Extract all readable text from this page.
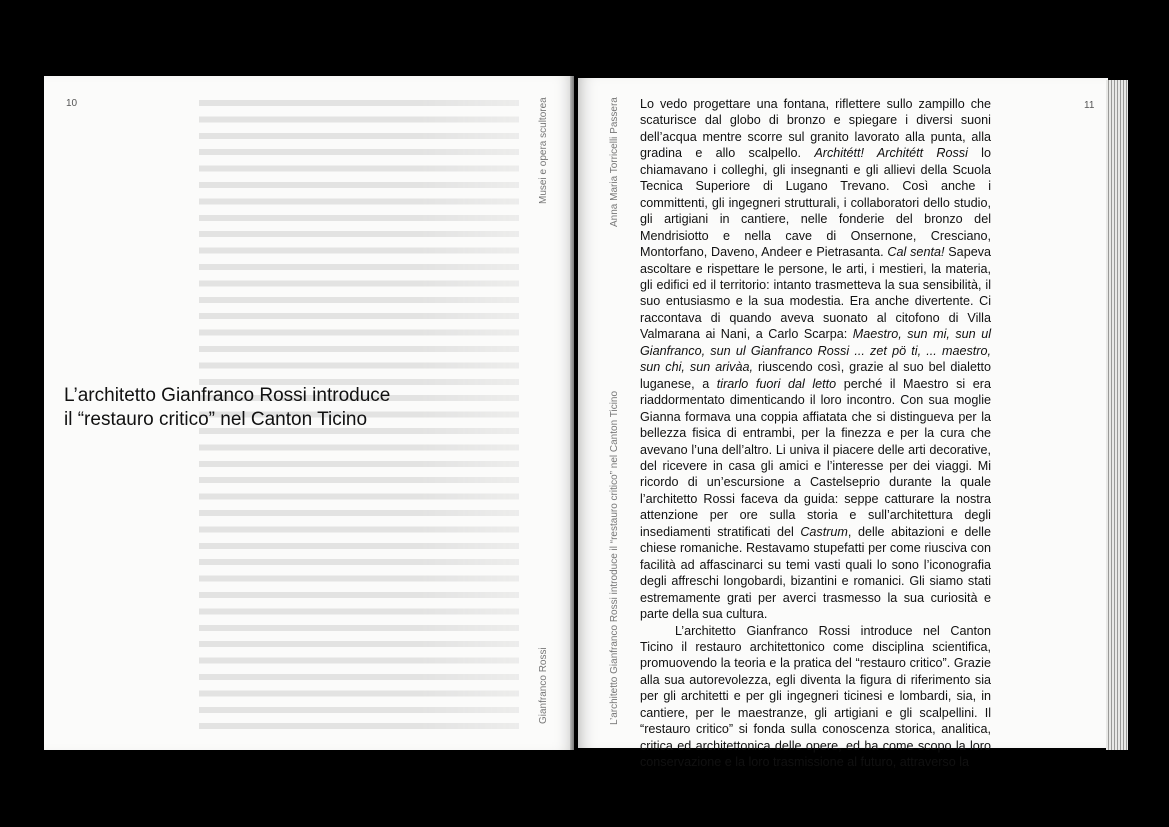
10
L’architetto Gianfranco Rossi introduce
il “restauro critico” nel Canton Ticino
Musei e opera scultorea
Gianfranco Rossi
11
Anna Maria Torricelli Passera
L’architetto Gianfranco Rossi introduce il “restauro critico” nel Canton Ticino

Lo vedo progettare una fontana, riflettere sullo zampillo che scaturisce dal globo di bronzo e spiegare i diversi suoni dell’acqua mentre scorre sul granito lavorato alla punta, alla gradina e allo scalpello. Architétt! Architétt Rossi lo chiamavano i colleghi, gli insegnanti e gli allievi della Scuola Tecnica Superiore di Lugano Trevano. Così anche i committenti, gli ingegneri strutturali, i collaboratori dello studio, gli artigiani in cantiere, nelle fonderie del bronzo del Mendrisiotto e nella cave di Onsernone, Cresciano, Montorfano, Daveno, Andeer e Pietrasanta. Cal senta! Sapeva ascoltare e rispettare le persone, le arti, i mestieri, la materia, gli edifici ed il territorio: intanto trasmetteva la sua sensibilità, il suo entusiasmo e la sua modestia. Era anche divertente. Ci raccontava di quando aveva suonato al citofono di Villa Valmarana ai Nani, a Carlo Scarpa: Maestro, sun mi, sun ul Gianfranco, sun ul Gianfranco Rossi ... zet pö ti, ... maestro, sun chi, sun arivàa, riuscendo così, grazie al suo bel dialetto luganese, a tirarlo fuori dal letto perché il Maestro si era riaddormentato dimenticando il loro incontro. Con sua moglie Gianna formava una coppia affiatata che si distingueva per la bellezza fisica di entrambi, per la finezza e per la cura che avevano l’una dell’altro. Li univa il piacere delle arti decorative, del ricevere in casa gli amici e l’interesse per dei viaggi. Mi ricordo di un’escursione a Castelseprio durante la quale l’architetto Rossi faceva da guida: seppe catturare la nostra attenzione per ore sulla storia e sull’architettura degli insediamenti stratificati del Castrum, delle abitazioni e delle chiese romaniche. Restavamo stupefatti per come riusciva con facilità ad affascinarci su temi vasti quali lo sono l’iconografia degli affreschi longobardi, bizantini e romanici. Gli siamo stati estremamente grati per averci trasmesso la sua curiosità e parte della sua cultura.

L’architetto Gianfranco Rossi introduce nel Canton Ticino il restauro architettonico come disciplina scientifica, promuovendo la teoria e la pratica del “restauro critico”. Grazie alla sua autorevolezza, egli diventa la figura di riferimento sia per gli architetti e per gli ingegneri ticinesi e lombardi, sia, in cantiere, per le maestranze, gli artigiani e gli scalpellini. Il “restauro critico” si fonda sulla conoscenza storica, analitica, critica ed architettonica delle opere, ed ha come scopo la loro conservazione e la loro trasmissione al futuro, attraverso la
